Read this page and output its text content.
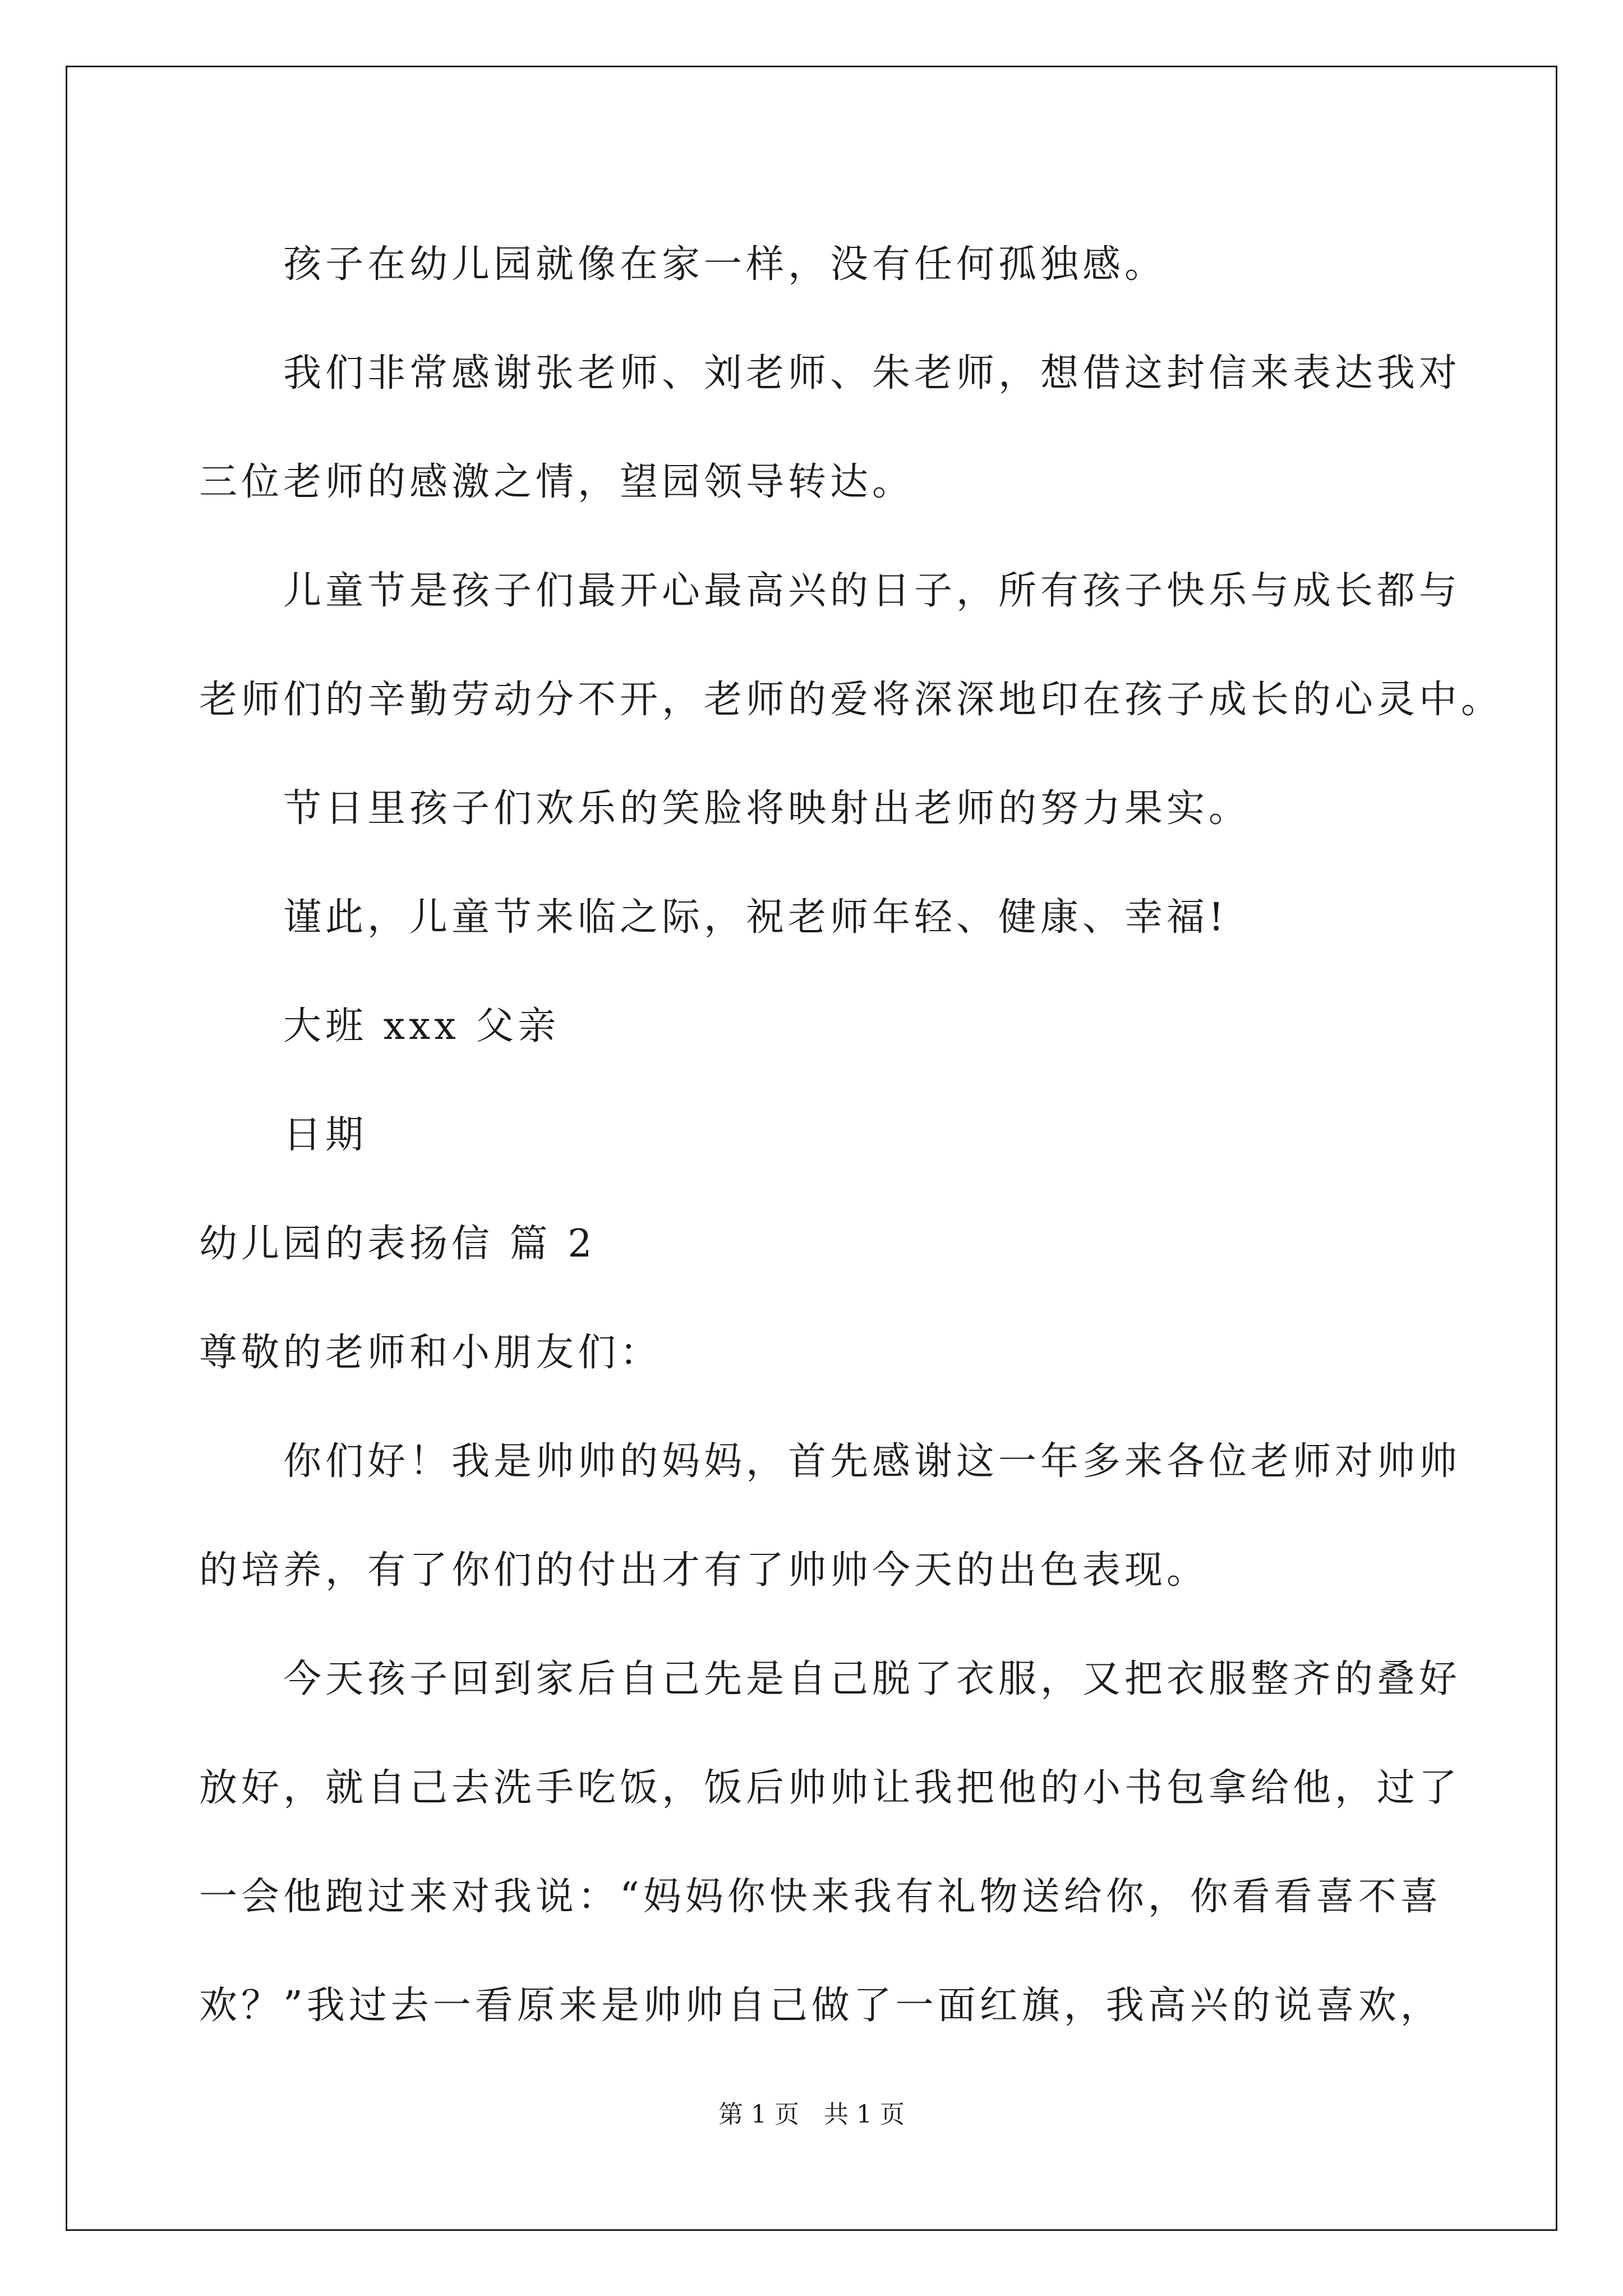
孩子在幼儿园就像在家一样，没有任何孤独感。
我们非常感谢张老师、刘老师、朱老师，想借这封信来表达我对
三位老师的感激之情，望园领导转达。
儿童节是孩子们最开心最高兴的日子，所有孩子快乐与成长都与
老师们的辛勤劳动分不开，老师的爱将深深地印在孩子成长的心灵中。
节日里孩子们欢乐的笑脸将映射出老师的努力果实。
谨此，儿童节来临之际，祝老师年轻、健康、幸福!
大班 xxx 父亲
日期
幼儿园的表扬信 篇 2
尊敬的老师和小朋友们：
你们好！我是帅帅的妈妈，首先感谢这一年多来各位老师对帅帅
的培养，有了你们的付出才有了帅帅今天的出色表现。
今天孩子回到家后自己先是自己脱了衣服，又把衣服整齐的叠好
放好，就自己去洗手吃饭，饭后帅帅让我把他的小书包拿给他，过了
一会他跑过来对我说：“妈妈你快来我有礼物送给你，你看看喜不喜
欢？”我过去一看原来是帅帅自己做了一面红旗，我高兴的说喜欢，
第 1 页　共 1 页
